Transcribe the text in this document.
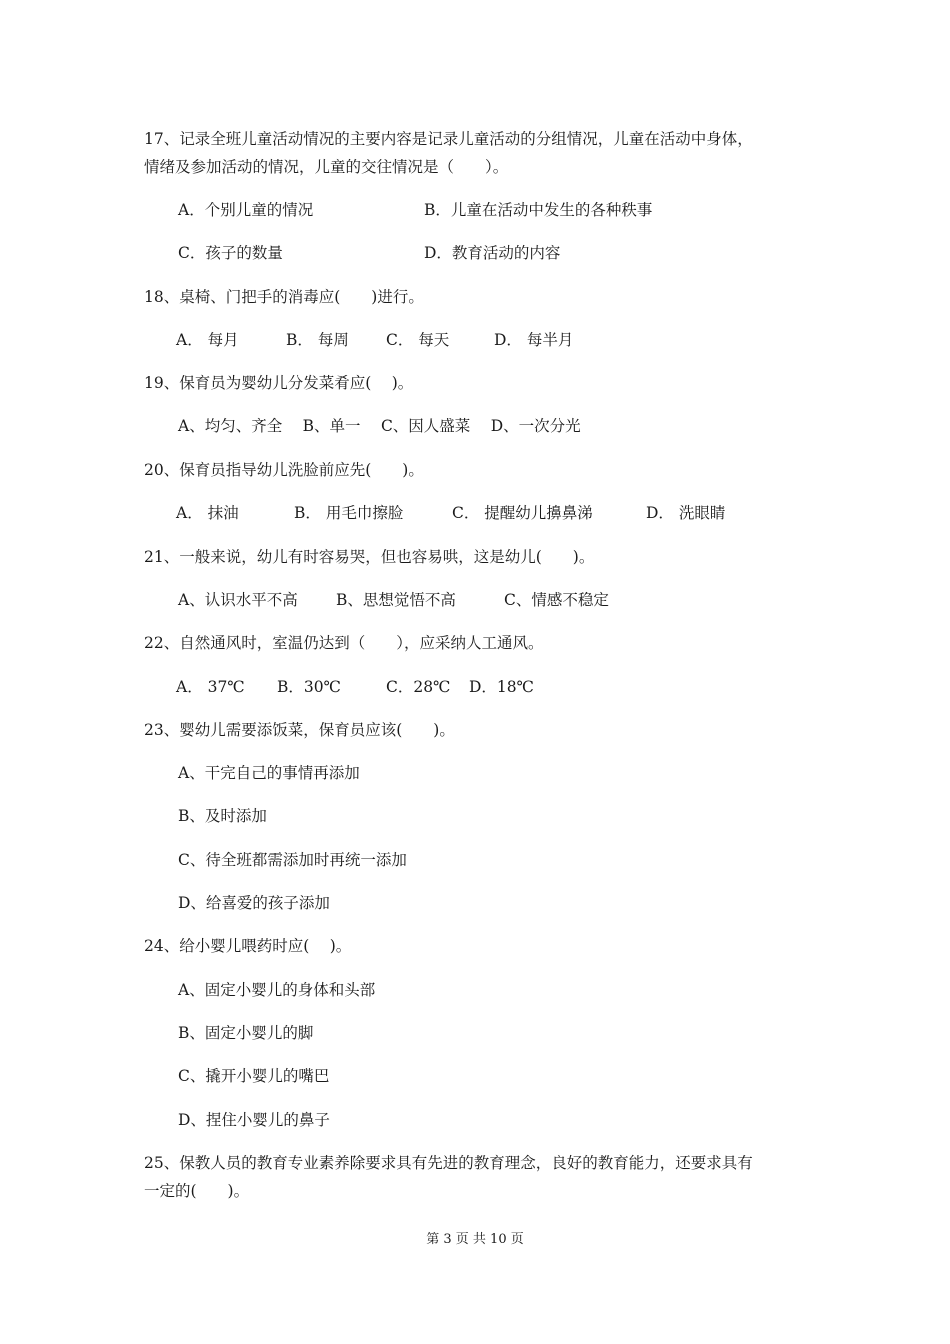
17、记录全班儿童活动情况的主要内容是记录儿童活动的分组情况，儿童在活动中身体，
情绪及参加活动的情况，儿童的交往情况是（　　）。
A．个别儿童的情况	B．儿童在活动中发生的各种秩事
C．孩子的数量	D．教育活动的内容
18、桌椅、门把手的消毒应(　　)进行。
A． 每月	B． 每周 C． 每天	D． 每半月
19、保育员为婴幼儿分发菜肴应(　 )。
A、均匀、齐全　 B、单一　 C、因人盛菜　 D、一次分光
20、保育员指导幼儿洗脸前应先(　　)。
A． 抹油	B． 用毛巾擦脸	C． 提醒幼儿擤鼻涕	D． 洗眼睛
21、一般来说，幼儿有时容易哭，但也容易哄，这是幼儿(　　)。
A、认识水平不高 B、思想觉悟不高	C、情感不稳定
22、自然通风时，室温仍达到（　　），应采纳人工通风。
A． 37℃ B．30℃	C．28℃ D．18℃
23、婴幼儿需要添饭菜，保育员应该(　　)。
A、干完自己的事情再添加
B、及时添加
C、待全班都需添加时再统一添加
D、给喜爱的孩子添加
24、给小婴儿喂药时应(　 )。
A、固定小婴儿的身体和头部
B、固定小婴儿的脚
C、撬开小婴儿的嘴巴
D、捏住小婴儿的鼻子
25、保教人员的教育专业素养除要求具有先进的教育理念，良好的教育能力，还要求具有
一定的(　　)。
第 3 页 共 10 页
